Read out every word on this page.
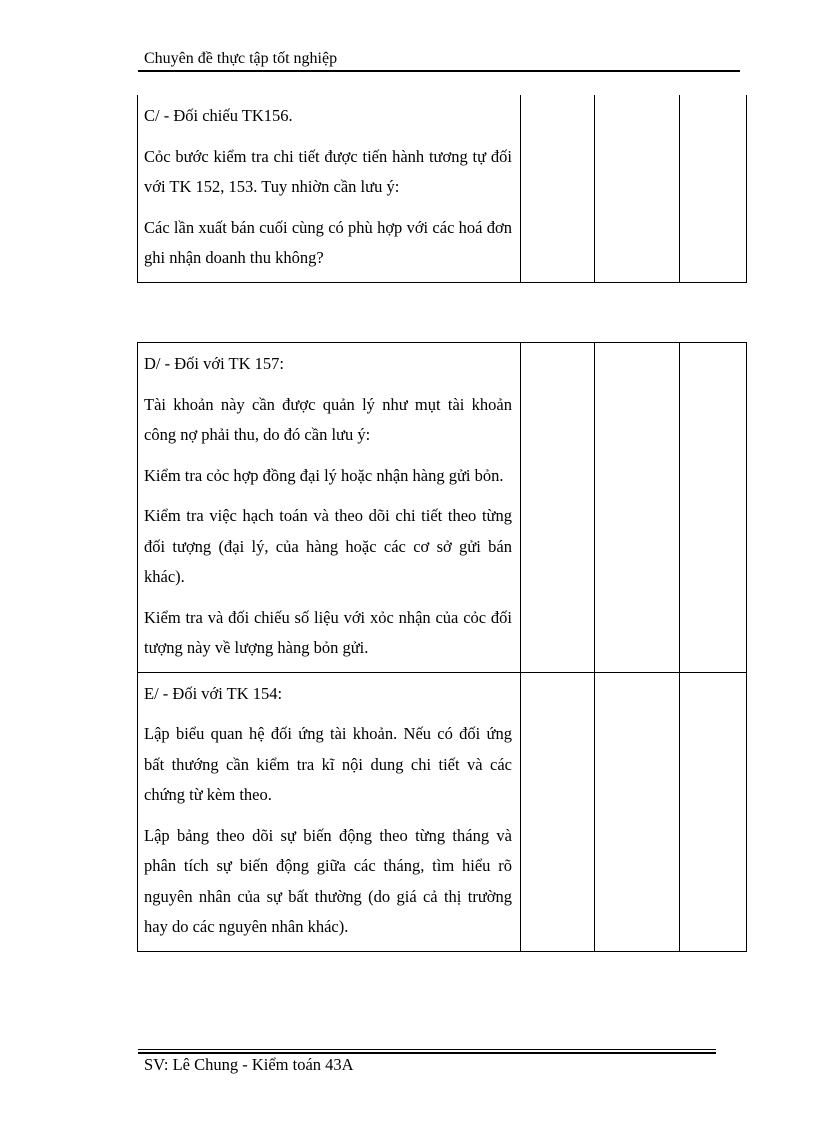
Chuyên đề thực tập tốt nghiệp

C/ - Đối chiếu TK156.

Cỏc bước kiểm tra chi tiết được tiến hành tương tự đối với TK 152, 153. Tuy nhiờn cần lưu ý:

Các lần xuất bán cuối cùng có phù hợp với các hoá đơn ghi nhận doanh thu không?

D/ - Đối với TK 157:

Tài khoản này cần được quản lý như mụt tài khoản công nợ phải thu, do đó cần lưu ý:

Kiểm tra cỏc hợp đồng đại lý hoặc nhận hàng gửi bỏn.

Kiểm tra việc hạch toán và theo dõi chi tiết theo từng đối tượng (đại lý, của hàng hoặc các cơ sở gửi bán khác).

Kiểm tra và đối chiếu số liệu với xỏc nhận của cỏc đối tượng này về lượng hàng bỏn gửi.			

E/ - Đối với TK 154:

Lập biểu quan hệ đối ứng tài khoản. Nếu có đối ứng bất thướng cần kiểm tra kĩ nội dung chi tiết và các chứng từ kèm theo.

Lập bảng theo dõi sự biến động theo từng tháng và phân tích sự biến động giữa các tháng, tìm hiểu rõ nguyên nhân của sự bất thường (do giá cả thị trường hay do các nguyên nhân khác).			

SV: Lê Chung - Kiểm toán 43A
